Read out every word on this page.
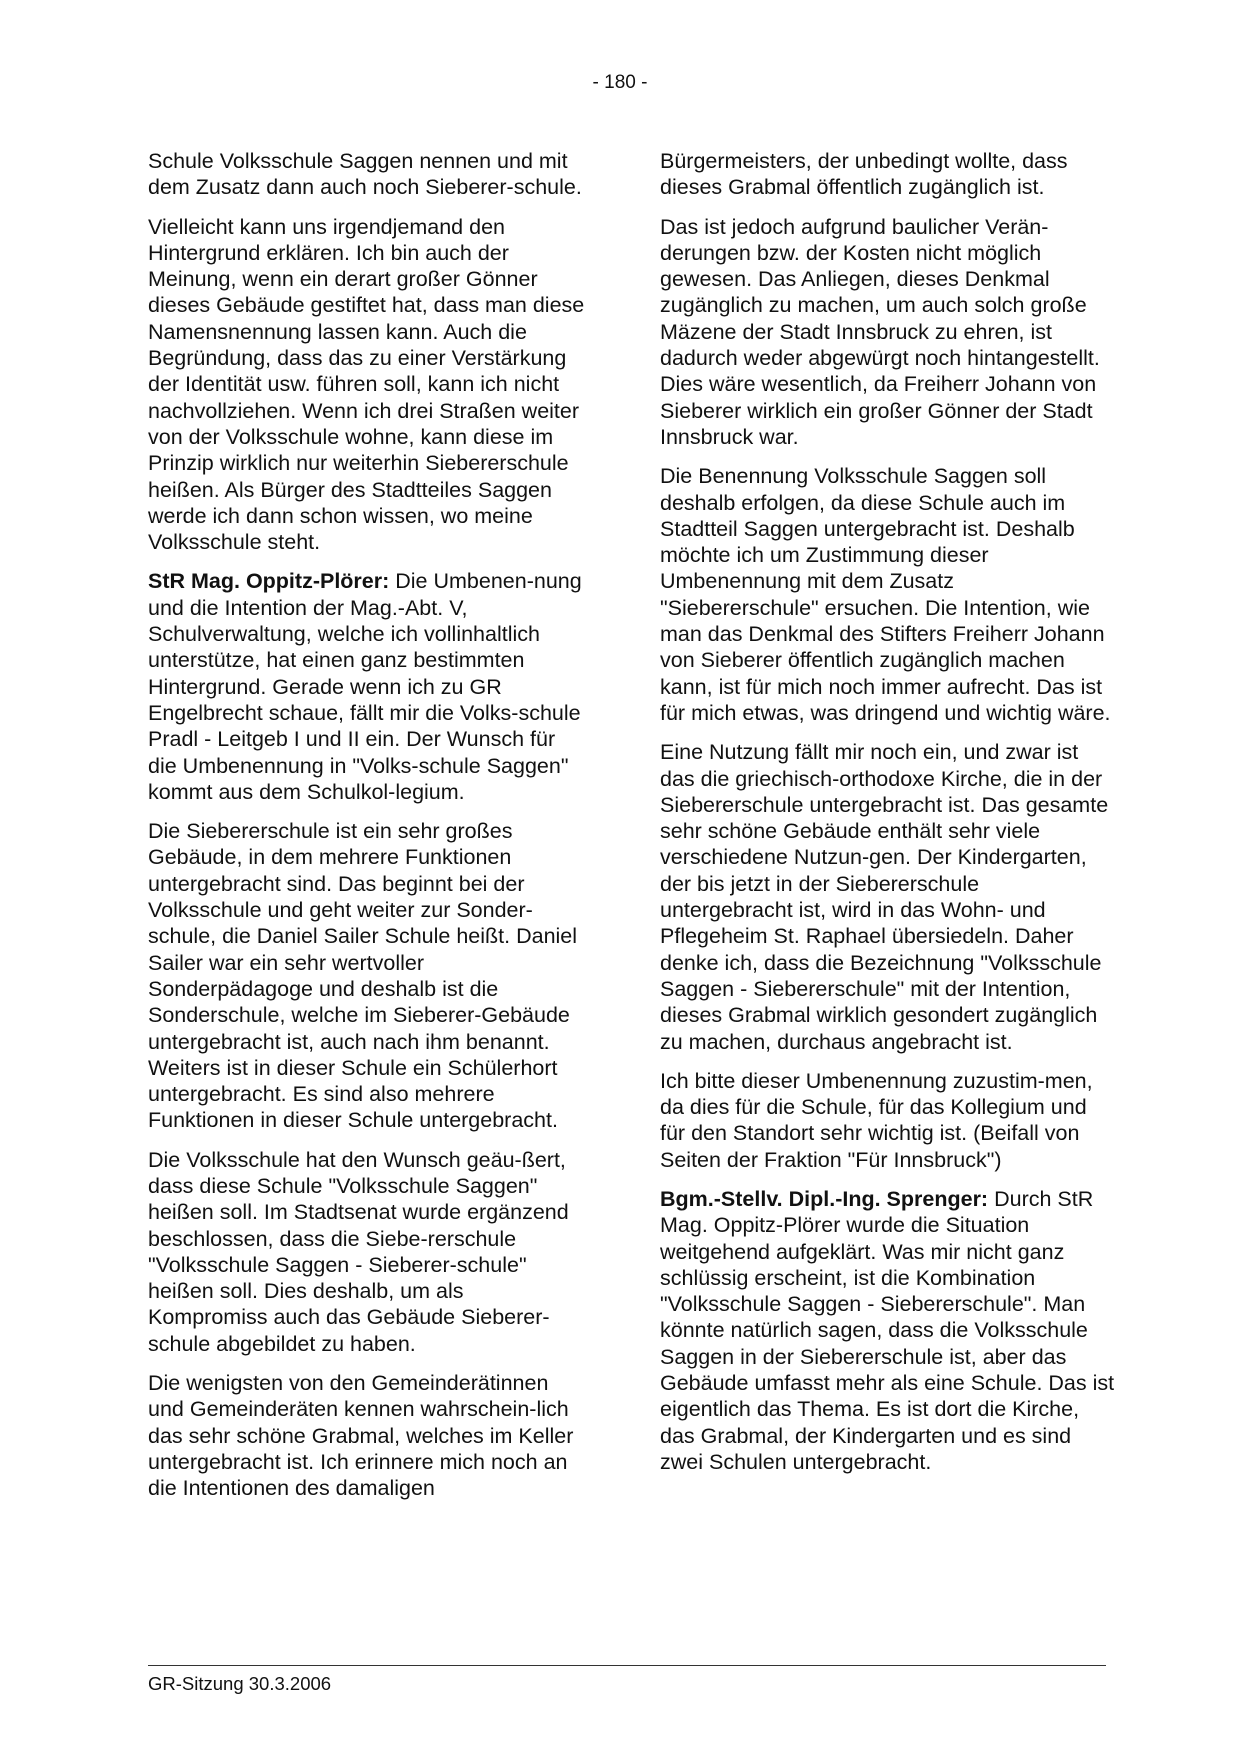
- 180 -

Schule Volksschule Saggen nennen und mit dem Zusatz dann auch noch Sieberer-schule.

Vielleicht kann uns irgendjemand den Hintergrund erklären. Ich bin auch der Meinung, wenn ein derart großer Gönner dieses Gebäude gestiftet hat, dass man diese Namensnennung lassen kann. Auch die Begründung, dass das zu einer Verstärkung der Identität usw. führen soll, kann ich nicht nachvollziehen. Wenn ich drei Straßen weiter von der Volksschule wohne, kann diese im Prinzip wirklich nur weiterhin Siebererschule heißen. Als Bürger des Stadtteiles Saggen werde ich dann schon wissen, wo meine Volksschule steht.

StR Mag. Oppitz-Plörer: Die Umbenen-nung und die Intention der Mag.-Abt. V, Schulverwaltung, welche ich vollinhaltlich unterstütze, hat einen ganz bestimmten Hintergrund. Gerade wenn ich zu GR Engelbrecht schaue, fällt mir die Volks-schule Pradl - Leitgeb I und II ein. Der Wunsch für die Umbenennung in "Volks-schule Saggen" kommt aus dem Schulkol-legium.

Die Siebererschule ist ein sehr großes Gebäude, in dem mehrere Funktionen untergebracht sind. Das beginnt bei der Volksschule und geht weiter zur Sonder-schule, die Daniel Sailer Schule heißt. Daniel Sailer war ein sehr wertvoller Sonderpädagoge und deshalb ist die Sonderschule, welche im Sieberer-Gebäude untergebracht ist, auch nach ihm benannt. Weiters ist in dieser Schule ein Schülerhort untergebracht. Es sind also mehrere Funktionen in dieser Schule untergebracht.

Die Volksschule hat den Wunsch geäu-ßert, dass diese Schule "Volksschule Saggen" heißen soll. Im Stadtsenat wurde ergänzend beschlossen, dass die Siebe-rerschule "Volksschule Saggen - Sieberer-schule" heißen soll. Dies deshalb, um als Kompromiss auch das Gebäude Sieberer-schule abgebildet zu haben.

Die wenigsten von den Gemeinderätinnen und Gemeinderäten kennen wahrschein-lich das sehr schöne Grabmal, welches im Keller untergebracht ist. Ich erinnere mich noch an die Intentionen des damaligen

Bürgermeisters, der unbedingt wollte, dass dieses Grabmal öffentlich zugänglich ist.

Das ist jedoch aufgrund baulicher Verän-derungen bzw. der Kosten nicht möglich gewesen. Das Anliegen, dieses Denkmal zugänglich zu machen, um auch solch große Mäzene der Stadt Innsbruck zu ehren, ist dadurch weder abgewürgt noch hintangestellt. Dies wäre wesentlich, da Freiherr Johann von Sieberer wirklich ein großer Gönner der Stadt Innsbruck war.

Die Benennung Volksschule Saggen soll deshalb erfolgen, da diese Schule auch im Stadtteil Saggen untergebracht ist. Deshalb möchte ich um Zustimmung dieser Umbenennung mit dem Zusatz "Siebererschule" ersuchen. Die Intention, wie man das Denkmal des Stifters Freiherr Johann von Sieberer öffentlich zugänglich machen kann, ist für mich noch immer aufrecht. Das ist für mich etwas, was dringend und wichtig wäre.

Eine Nutzung fällt mir noch ein, und zwar ist das die griechisch-orthodoxe Kirche, die in der Siebererschule untergebracht ist. Das gesamte sehr schöne Gebäude enthält sehr viele verschiedene Nutzun-gen. Der Kindergarten, der bis jetzt in der Siebererschule untergebracht ist, wird in das Wohn- und Pflegeheim St. Raphael übersiedeln. Daher denke ich, dass die Bezeichnung "Volksschule Saggen - Siebererschule" mit der Intention, dieses Grabmal wirklich gesondert zugänglich zu machen, durchaus angebracht ist.

Ich bitte dieser Umbenennung zuzustim-men, da dies für die Schule, für das Kollegium und für den Standort sehr wichtig ist. (Beifall von Seiten der Fraktion "Für Innsbruck")

Bgm.-Stellv. Dipl.-Ing. Sprenger: Durch StR Mag. Oppitz-Plörer wurde die Situation weitgehend aufgeklärt. Was mir nicht ganz schlüssig erscheint, ist die Kombination "Volksschule Saggen - Siebererschule". Man könnte natürlich sagen, dass die Volksschule Saggen in der Siebererschule ist, aber das Gebäude umfasst mehr als eine Schule. Das ist eigentlich das Thema. Es ist dort die Kirche, das Grabmal, der Kindergarten und es sind zwei Schulen untergebracht.

GR-Sitzung 30.3.2006
